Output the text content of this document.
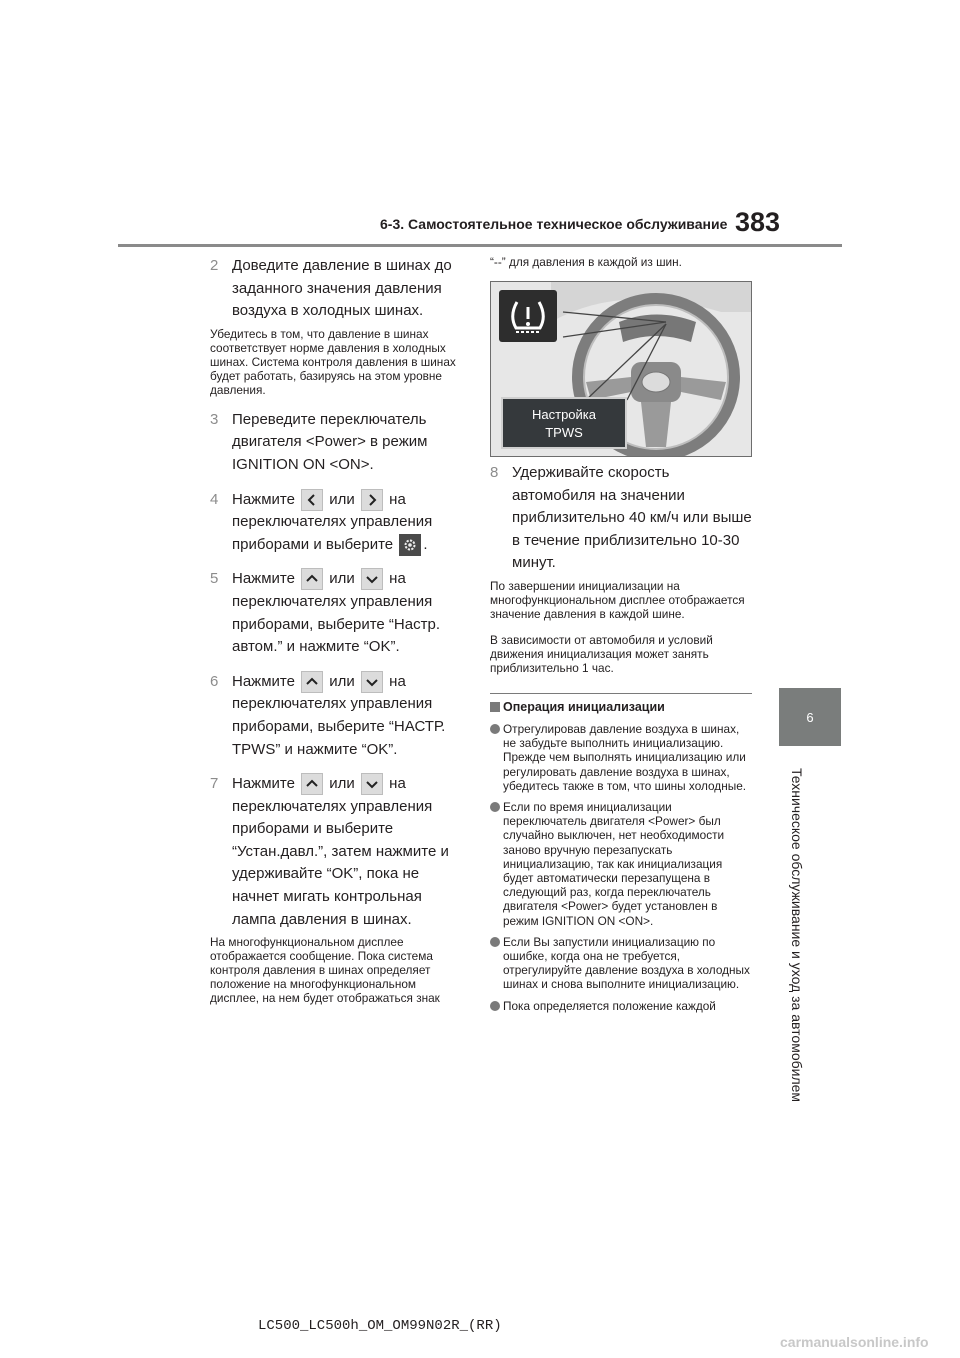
6-3. Самостоятельное техническое обслуживание 383
6
Техническое обслуживание и уход за автомобилем
2 Доведите давление в шинах до заданного значения давления воздуха в холодных шинах.

Убедитесь в том, что давление в шинах соответствует норме давления в холодных шинах. Система контроля давления в шинах будет работать, базируясь на этом уровне давления.

3 Переведите переключатель двигателя <Power> в режим IGNITION ON <ON>.
4 Нажмите или на переключателях управления приборами и выберите .
5 Нажмите или на переключателях управления приборами, выберите “Настр. автом.” и нажмите “OK”.
6 Нажмите или на переключателях управления приборами, выберите “НАСТР. TPWS” и нажмите “OK”.
7 Нажмите или на переключателях управления приборами и выберите “Устан.давл.”, затем нажмите и удерживайте “OK”, пока не начнет мигать контрольная лампа давления в шинах.

На многофункциональном дисплее отображается сообщение. Пока система контроля давления в шинах определяет положение на многофункциональном дисплее, на нем будет отображаться знак

“--” для давления в каждой из шин.

Настройка
TPWS
8 Удерживайте скорость автомобиля на значении приблизительно 40 км/ч или выше в течение приблизительно 10-30 минут.

По завершении инициализации на многофункциональном дисплее отображается значение давления в каждой шине.

В зависимости от автомобиля и условий движения инициализация может занять приблизительно 1 час.

Операция инициализации
Отрегулировав давление воздуха в шинах, не забудьте выполнить инициализацию.
Прежде чем выполнять инициализацию или регулировать давление воздуха в шинах, убедитесь также в том, что шины холодные.
Если по время инициализации переключатель двигателя <Power> был случайно выключен, нет необходимости заново вручную перезапускать инициализацию, так как инициализация будет автоматически перезапущена в следующий раз, когда переключатель двигателя <Power> будет установлен в режим IGNITION ON <ON>.
Если Вы запустили инициализацию по ошибке, когда она не требуется, отрегулируйте давление воздуха в холодных шинах и снова выполните инициализацию.
Пока определяется положение каждой
LC500_LC500h_OM_OM99N02R_(RR)
carmanualsonline.info
